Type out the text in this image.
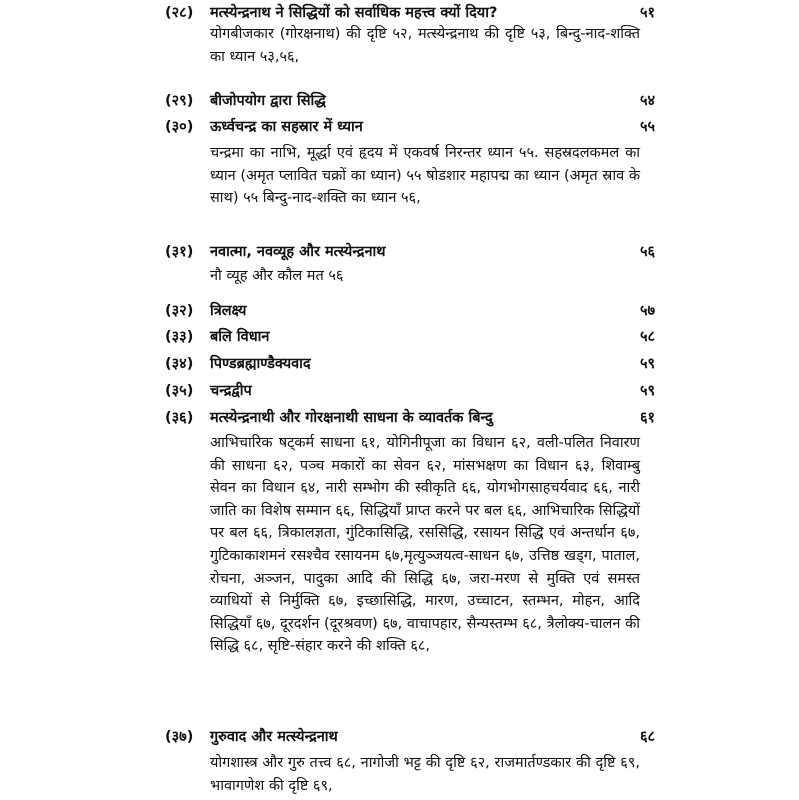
(२८) मत्स्येन्द्रनाथ ने सिद्धियों को सर्वाधिक महत्त्व क्यों दिया?	५१
योगबीजकार (गोरक्षनाथ) की दृष्टि ५२, मत्स्येन्द्रनाथ की दृष्टि ५३, बिन्दु-नाद-शक्ति का ध्यान ५३,५६,
(२९) बीजोपयोग द्वारा सिद्धि	५४
(३०) ऊर्ध्वचन्द्र का सहस्रार में ध्यान	५५
चन्द्रमा का नाभि, मूर्द्धा एवं हृदय में एकवर्ष निरन्तर ध्यान ५५. सहस्रदलकमल का ध्यान (अमृत प्लावित चक्रों का ध्यान) ५५ षोडशार महापद्म का ध्यान (अमृत स्राव के साथ) ५५ बिन्दु-नाद-शक्ति का ध्यान ५६,
(३१) नवात्मा, नवव्यूह और मत्स्येन्द्रनाथ	५६
नौ व्यूह और कौल मत ५६
(३२) त्रिलक्ष्य	५७
(३३) बलि विधान	५८
(३४) पिण्डब्रह्माण्डैक्यवाद	५९
(३५) चन्द्रद्वीप	५९
(३६) मत्स्येन्द्रनाथी और गोरक्षनाथी साधना के व्यावर्तक बिन्दु	६१
आभिचारिक षट्कर्म साधना ६१, योगिनीपूजा का विधान ६२, वली-पलित निवारण की साधना ६२, पञ्च मकारों का सेवन ६२, मांसभक्षण का विधान ६३, शिवाम्बु सेवन का विधान ६४, नारी सम्भोग की स्वीकृति ६६, योगभोगसाहचर्यवाद ६६, नारी जाति का विशेष सम्मान ६६, सिद्धियाँ प्राप्त करने पर बल ६६, आभिचारिक सिद्धियों पर बल ६६, त्रिकालज्ञता, गुंटिकासिद्धि, रससिद्धि, रसायन सिद्धि एवं अन्तर्धान ६७, गुटिकाकाशमनं रसश्चैव रसायनम ६७,मृत्युञ्जयत्व-साधन ६७, उत्तिष्ठ खड्ग, पाताल, रोचना, अञ्जन, पादुका आदि की सिद्धि ६७, जरा-मरण से मुक्ति एवं समस्त व्याधियों से निर्मुक्ति ६७, इच्छासिद्धि, मारण, उच्चाटन, स्तम्भन, मोहन, आदि सिद्धियाँ ६७, दूरदर्शन (दूरश्रवण) ६७, वाचापहार, सैन्यस्तम्भ ६८, त्रैलोक्य-चालन की सिद्धि ६८, सृष्टि-संहार करने की शक्ति ६८,
(३७) गुरुवाद और मत्स्येन्द्रनाथ	६८
योगशास्त्र और गुरु तत्त्व ६८, नागोजी भट्ट की दृष्टि ६२, राजमार्तण्डकार की दृष्टि ६९, भावागणेश की दृष्टि ६९,
